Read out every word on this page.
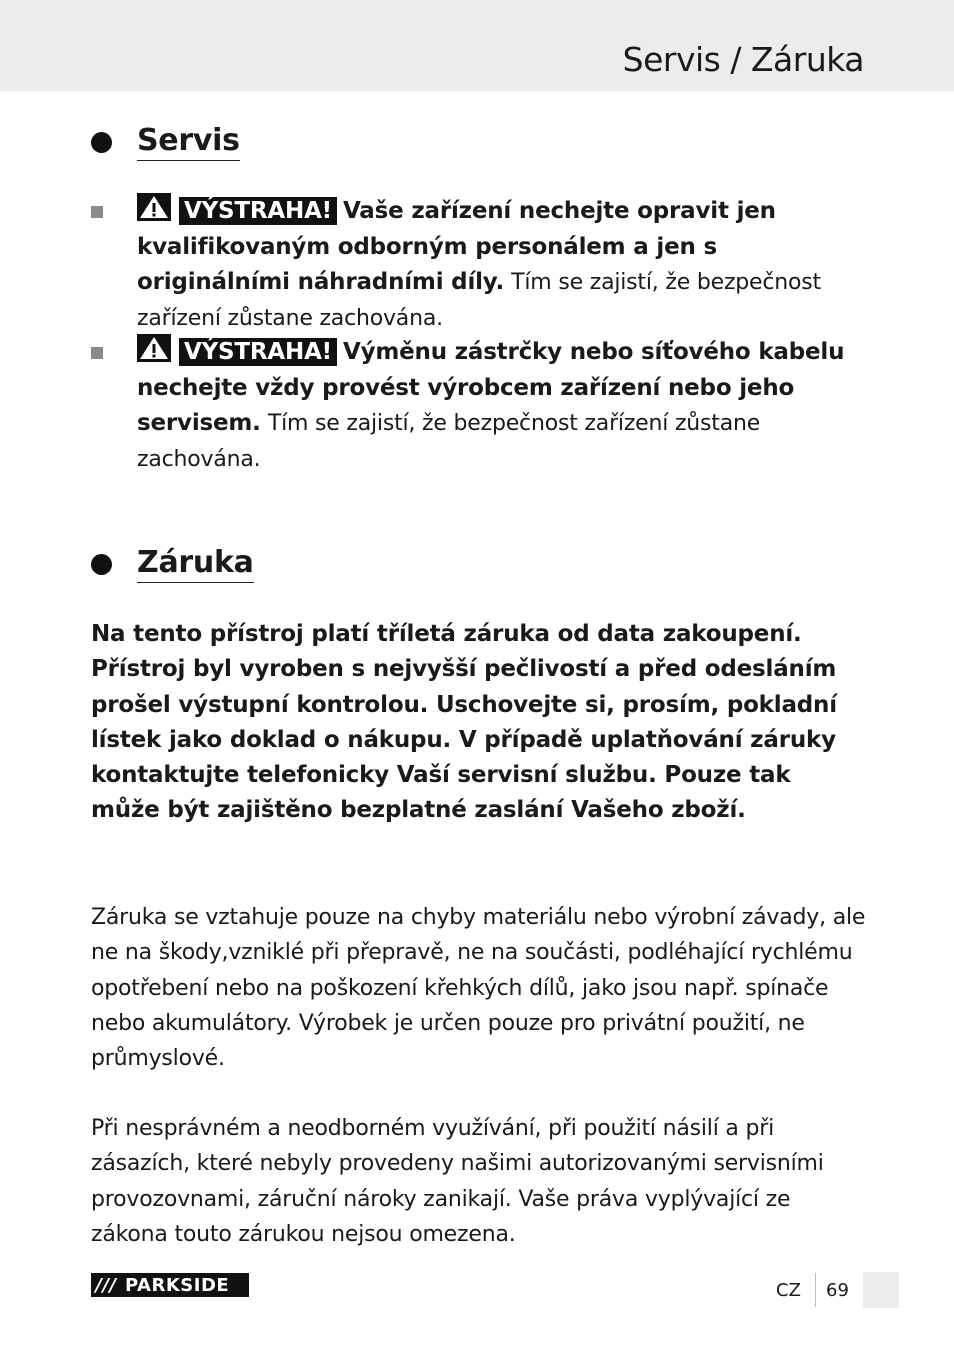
Servis / Záruka
Servis
VÝSTRAHA! Vaše zařízení nechejte opravit jen kvalifikovaným odborným personálem a jen s originálními náhradními díly. Tím se zajistí, že bezpečnost zařízení zůstane zachována.
VÝSTRAHA! Výměnu zástrčky nebo síťového kabelu nechejte vždy provést výrobcem zařízení nebo jeho servisem. Tím se zajistí, že bezpečnost zařízení zůstane zachována.
Záruka
Na tento přístroj platí tříletá záruka od data zakoupení. Přístroj byl vyroben s nejvyšší pečlivostí a před odesláním prošel výstupní kontrolou. Uschovejte si, prosím, pokladní lístek jako doklad o nákupu. V případě uplatňování záruky kontaktujte telefonicky Vaší servisní službu. Pouze tak může být zajištěno bezplatné zaslání Vašeho zboží.
Záruka se vztahuje pouze na chyby materiálu nebo výrobní závady, ale ne na škody,vzniklé při přepravě, ne na součásti, podléhající rychlému opotřebení nebo na poškození křehkých dílů, jako jsou např. spínače nebo akumulátory. Výrobek je určen pouze pro privátní použití, ne průmyslové.
Při nesprávném a neodborném využívání, při použití násilí a při zásazích, které nebyly provedeny našimi autorizovanými servisními provozovnami, záruční nároky zanikají. Vaše práva vyplývající ze zákona touto zárukou nejsou omezena.
/// PARKSIDE	CZ 69
